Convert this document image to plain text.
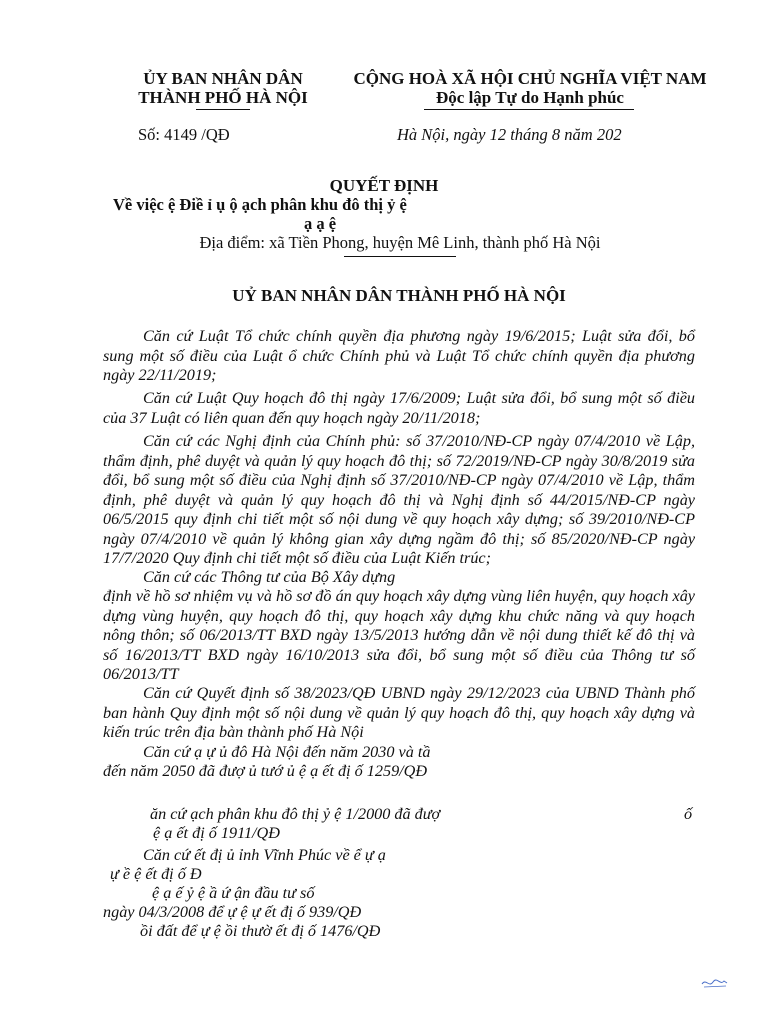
ỦY BAN NHÂN DÂN
THÀNH PHỐ HÀ NỘI
CỘNG HOÀ XÃ HỘI CHỦ NGHĨA VIỆT NAM
Độc lập Tự do Hạnh phúc
Số: 4149 /QĐ	Hà Nội, ngày 12 tháng 8 năm 202
QUYẾT ĐỊNH
Về việc ệ Điề ỉ ụ ộ ạch phân khu đô thị ỷ ệ
ạ ạ ệ
Địa điểm: xã Tiền Phong, huyện Mê Linh, thành phố Hà Nội
UỶ BAN NHÂN DÂN THÀNH PHỐ HÀ NỘI
Căn cứ Luật Tổ chức chính quyền địa phương ngày 19/6/2015; Luật sửa đổi, bổ sung một số điều của Luật ổ chức Chính phủ và Luật Tổ chức chính quyền địa phương ngày 22/11/2019;
Căn cứ Luật Quy hoạch đô thị ngày 17/6/2009; Luật sửa đổi, bổ sung một số điều của 37 Luật có liên quan đến quy hoạch ngày 20/11/2018;
Căn cứ các Nghị định của Chính phủ: số 37/2010/NĐ-CP ngày 07/4/2010 về Lập, thẩm định, phê duyệt và quản lý quy hoạch đô thị; số 72/2019/NĐ-CP ngày 30/8/2019 sửa đổi, bổ sung một số điều của Nghị định số 37/2010/NĐ-CP ngày 07/4/2010 về Lập, thẩm định, phê duyệt và quản lý quy hoạch đô thị và Nghị định số 44/2015/NĐ-CP ngày 06/5/2015 quy định chi tiết một số nội dung về quy hoạch xây dựng; số 39/2010/NĐ-CP ngày 07/4/2010 về quản lý không gian xây dựng ngầm đô thị; số 85/2020/NĐ-CP ngày 17/7/2020 Quy định chi tiết một số điều của Luật Kiến trúc;
Căn cứ các Thông tư của Bộ Xây dựng
định về hồ sơ nhiệm vụ và hồ sơ đồ án quy hoạch xây dựng vùng liên huyện, quy hoạch xây dựng vùng huyện, quy hoạch đô thị, quy hoạch xây dựng khu chức năng và quy hoạch nông thôn; số 06/2013/TT BXD ngày 13/5/2013 hướng dẫn về nội dung thiết kế đô thị và số 16/2013/TT BXD ngày 16/10/2013 sửa đổi, bổ sung một số điều của Thông tư số 06/2013/TT
Căn cứ Quyết định số 38/2023/QĐ UBND ngày 29/12/2023 của UBND Thành phố ban hành Quy định một số nội dung về quản lý quy hoạch đô thị, quy hoạch xây dựng và kiến trúc trên địa bàn thành phố Hà Nội
Căn cứ ạ ự ủ đô Hà Nội đến năm 2030 và tầ
đến năm 2050 đã đượ ủ tướ ủ ệ ạ ết đị ố 1259/QĐ
ăn cứ ạch phân khu đô thị ỷ ệ 1/2000 đã đượ	ố
ệ ạ ết đị ố 1911/QĐ
Căn cứ ết đị ủ ỉnh Vĩnh Phúc về ể ự ạ
ự ề ệ ết đị ố Đ
ệ ạ ế ỷ ệ ầ ứ ận đầu tư số
ngày 04/3/2008 để ự ệ ự ết đị ố 939/QĐ
ồi đất để ự ệ ồi thườ ết đị ố 1476/QĐ
